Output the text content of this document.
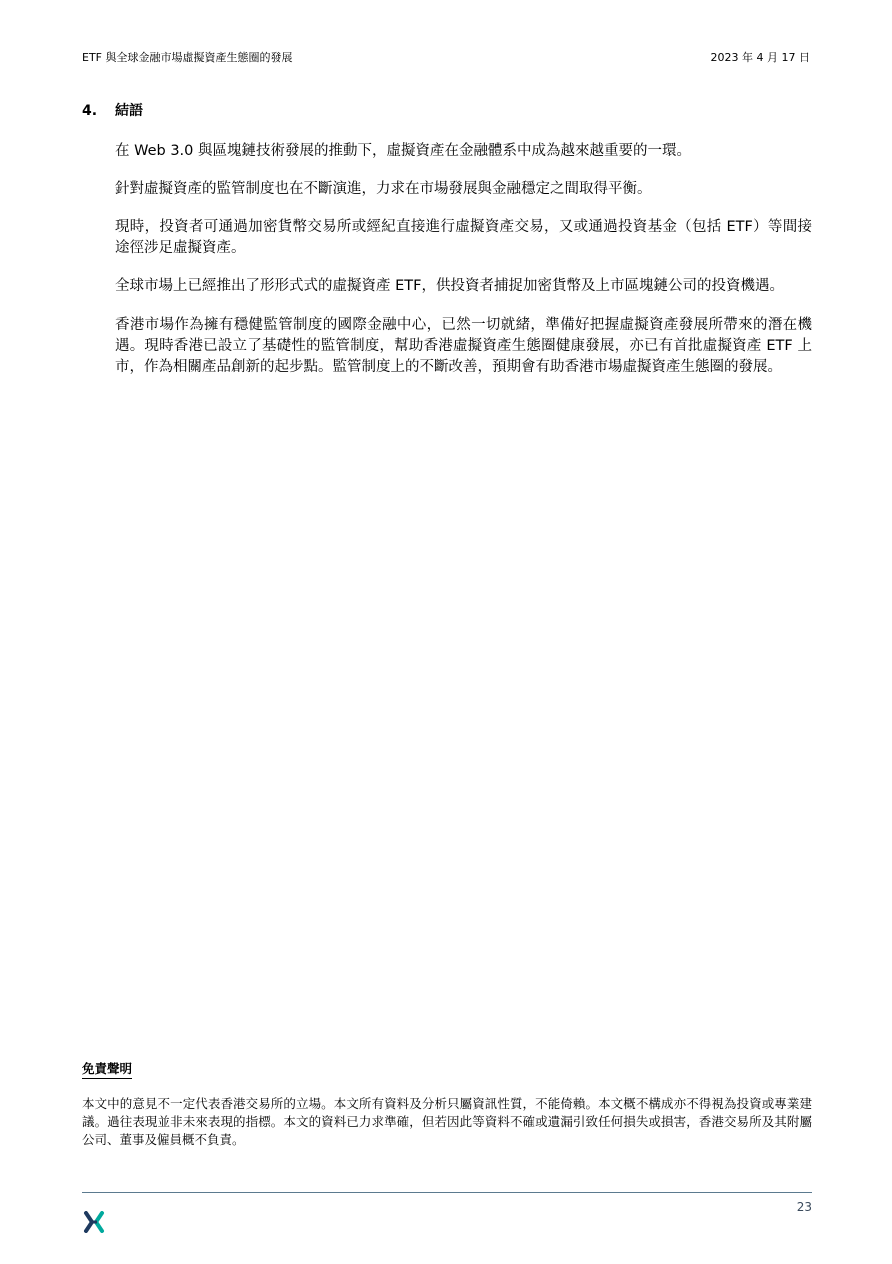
ETF 與全球金融市場虛擬資產生態圈的發展	2023 年 4 月 17 日
4. 結語

在 Web 3.0 與區塊鏈技術發展的推動下，虛擬資產在金融體系中成為越來越重要的一環。

針對虛擬資產的監管制度也在不斷演進，力求在市場發展與金融穩定之間取得平衡。

現時，投資者可通過加密貨幣交易所或經紀直接進行虛擬資產交易，又或通過投資基金（包括 ETF）等間接途徑涉足虛擬資產。

全球市場上已經推出了形形式式的虛擬資產 ETF，供投資者捕捉加密貨幣及上市區塊鏈公司的投資機遇。

香港市場作為擁有穩健監管制度的國際金融中心，已然一切就緒，準備好把握虛擬資產發展所帶來的潛在機遇。現時香港已設立了基礎性的監管制度，幫助香港虛擬資產生態圈健康發展，亦已有首批虛擬資產 ETF 上市，作為相關產品創新的起步點。監管制度上的不斷改善，預期會有助香港市場虛擬資產生態圈的發展。

免責聲明
本文中的意見不一定代表香港交易所的立場。本文所有資料及分析只屬資訊性質，不能倚賴。本文概不構成亦不得視為投資或專業建議。過往表現並非未來表現的指標。本文的資料已力求準確，但若因此等資料不確或遺漏引致任何損失或損害，香港交易所及其附屬公司、董事及僱員概不負責。
23
